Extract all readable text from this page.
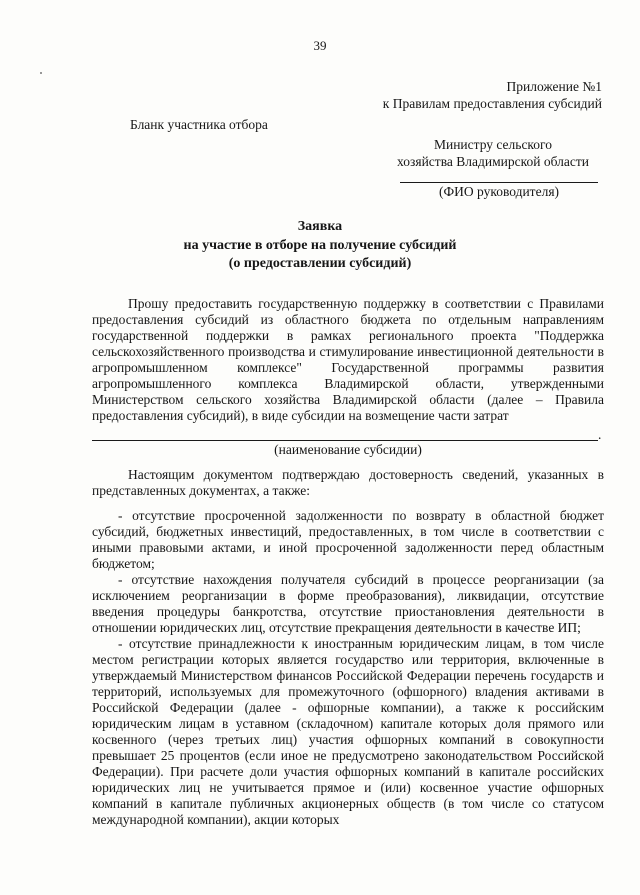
39
Приложение №1
к Правилам предоставления субсидий
Бланк участника отбора
Министру сельского
хозяйства Владимирской области
(ФИО руководителя)
Заявка
на участие в отборе на получение субсидий
(о предоставлении субсидий)

Прошу предоставить государственную поддержку в соответствии с Правилами предоставления субсидий из областного бюджета по отдельным направлениям государственной поддержки в рамках регионального проекта "Поддержка сельскохозяйственного производства и стимулирование инвестиционной деятельности в агропромышленном комплексе" Государственной программы развития агропромышленного комплекса Владимирской области, утвержденными Министерством сельского хозяйства Владимирской области (далее – Правила предоставления субсидий), в виде субсидии на возмещение части затрат

.
(наименование субсидии)

Настоящим документом подтверждаю достоверность сведений, указанных в представленных документах, а также:

- отсутствие просроченной задолженности по возврату в областной бюджет субсидий, бюджетных инвестиций, предоставленных, в том числе в соответствии с иными правовыми актами, и иной просроченной задолженности перед областным бюджетом;

- отсутствие нахождения получателя субсидий в процессе реорганизации (за исключением реорганизации в форме преобразования), ликвидации, отсутствие введения процедуры банкротства, отсутствие приостановления деятельности в отношении юридических лиц, отсутствие прекращения деятельности в качестве ИП;

- отсутствие принадлежности к иностранным юридическим лицам, в том числе местом регистрации которых является государство или территория, включенные в утверждаемый Министерством финансов Российской Федерации перечень государств и территорий, используемых для промежуточного (офшорного) владения активами в Российской Федерации (далее - офшорные компании), а также к российским юридическим лицам в уставном (складочном) капитале которых доля прямого или косвенного (через третьих лиц) участия офшорных компаний в совокупности превышает 25 процентов (если иное не предусмотрено законодательством Российской Федерации). При расчете доли участия офшорных компаний в капитале российских юридических лиц не учитывается прямое и (или) косвенное участие офшорных компаний в капитале публичных акционерных обществ (в том числе со статусом международной компании), акции которых
